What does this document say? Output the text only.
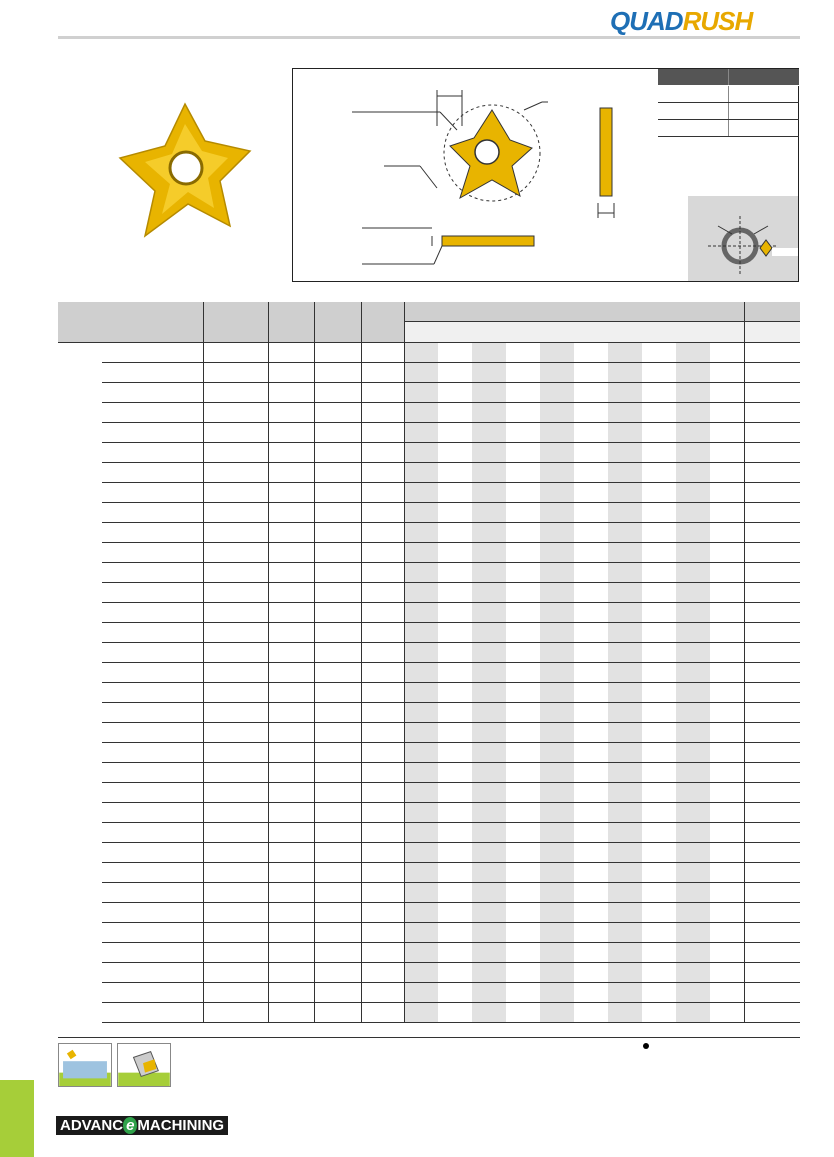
QUADRUSH

ADVANC e MACHINING
